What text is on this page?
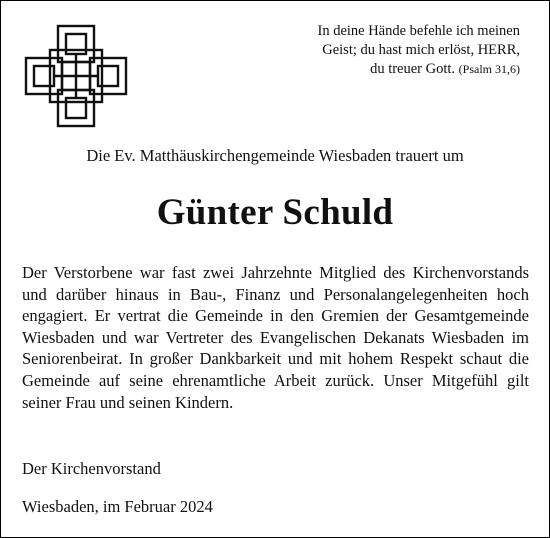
In deine Hände befehle ich meinen
Geist; du hast mich erlöst, HERR,
du treuer Gott. (Psalm 31,6)
Die Ev. Matthäuskirchengemeinde Wiesbaden trauert um
Günter Schuld
Der Verstorbene war fast zwei Jahrzehnte Mitglied des Kirchenvorstands und darüber hinaus in Bau-, Finanz und Personalangelegenheiten hoch engagiert. Er vertrat die Gemeinde in den Gremien der Gesamtgemeinde Wiesbaden und war Vertreter des Evangelischen Dekanats Wiesbaden im Seniorenbeirat. In großer Dankbarkeit und mit hohem Respekt schaut die Gemeinde auf seine ehrenamtliche Arbeit zurück. Unser Mitgefühl gilt seiner Frau und seinen Kindern.
Der Kirchenvorstand
Wiesbaden, im Februar 2024
